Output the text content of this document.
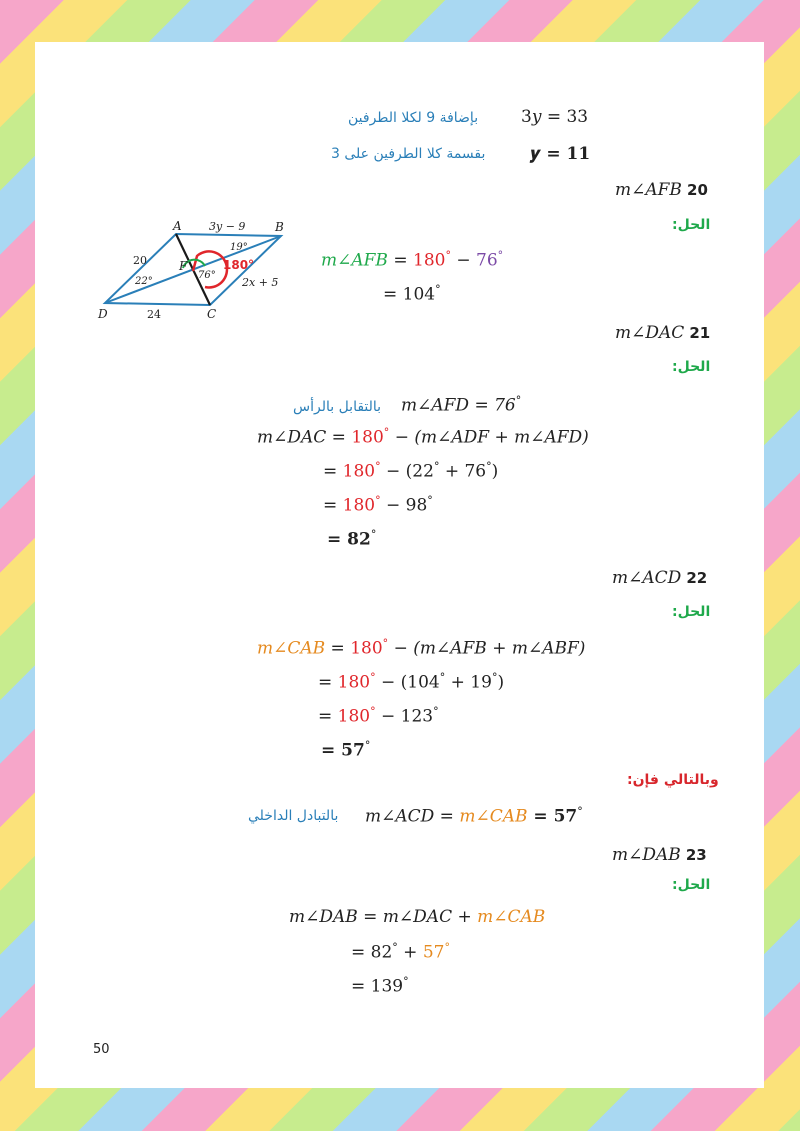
بإضافة 9 لكلا الطرفين	3𝑦 = 33
بقسمة كلا الطرفين على 3	𝒚 = 𝟏𝟏
𝑚∠𝐴𝐹𝐵 20
الحل:
A	B
C
D
F
3y − 9
20
24
2x + 5
19°
22°
76°
180°	𝑚∠𝐴𝐹𝐵 = 180° − 76°
= 104°
𝑚∠𝐷𝐴𝐶 21
الحل:
بالتقابل بالرأس 𝑚∠𝐴𝐹𝐷 = 76°
𝑚∠𝐷𝐴𝐶 = 180° − (𝑚∠𝐴𝐷𝐹 + 𝑚∠𝐴𝐹𝐷)
= 180° − (22° + 76°)
= 180° − 98°
= 𝟖𝟐°
𝑚∠𝐴𝐶𝐷 22
الحل:
𝑚∠𝐶𝐴𝐵 = 180° − (𝑚∠𝐴𝐹𝐵 + 𝑚∠𝐴𝐵𝐹)
= 180° − (104° + 19°)
= 180° − 123°
= 𝟓𝟕°
وبالتالي فإن:
بالتبادل الداخلي 𝑚∠𝐴𝐶𝐷 = 𝑚∠𝐶𝐴𝐵 = 𝟓𝟕°
𝑚∠𝐷𝐴𝐵 23
الحل:
𝑚∠𝐷𝐴𝐵 = 𝑚∠𝐷𝐴𝐶 + 𝑚∠𝐶𝐴𝐵
= 82° + 57°
= 139°
50
